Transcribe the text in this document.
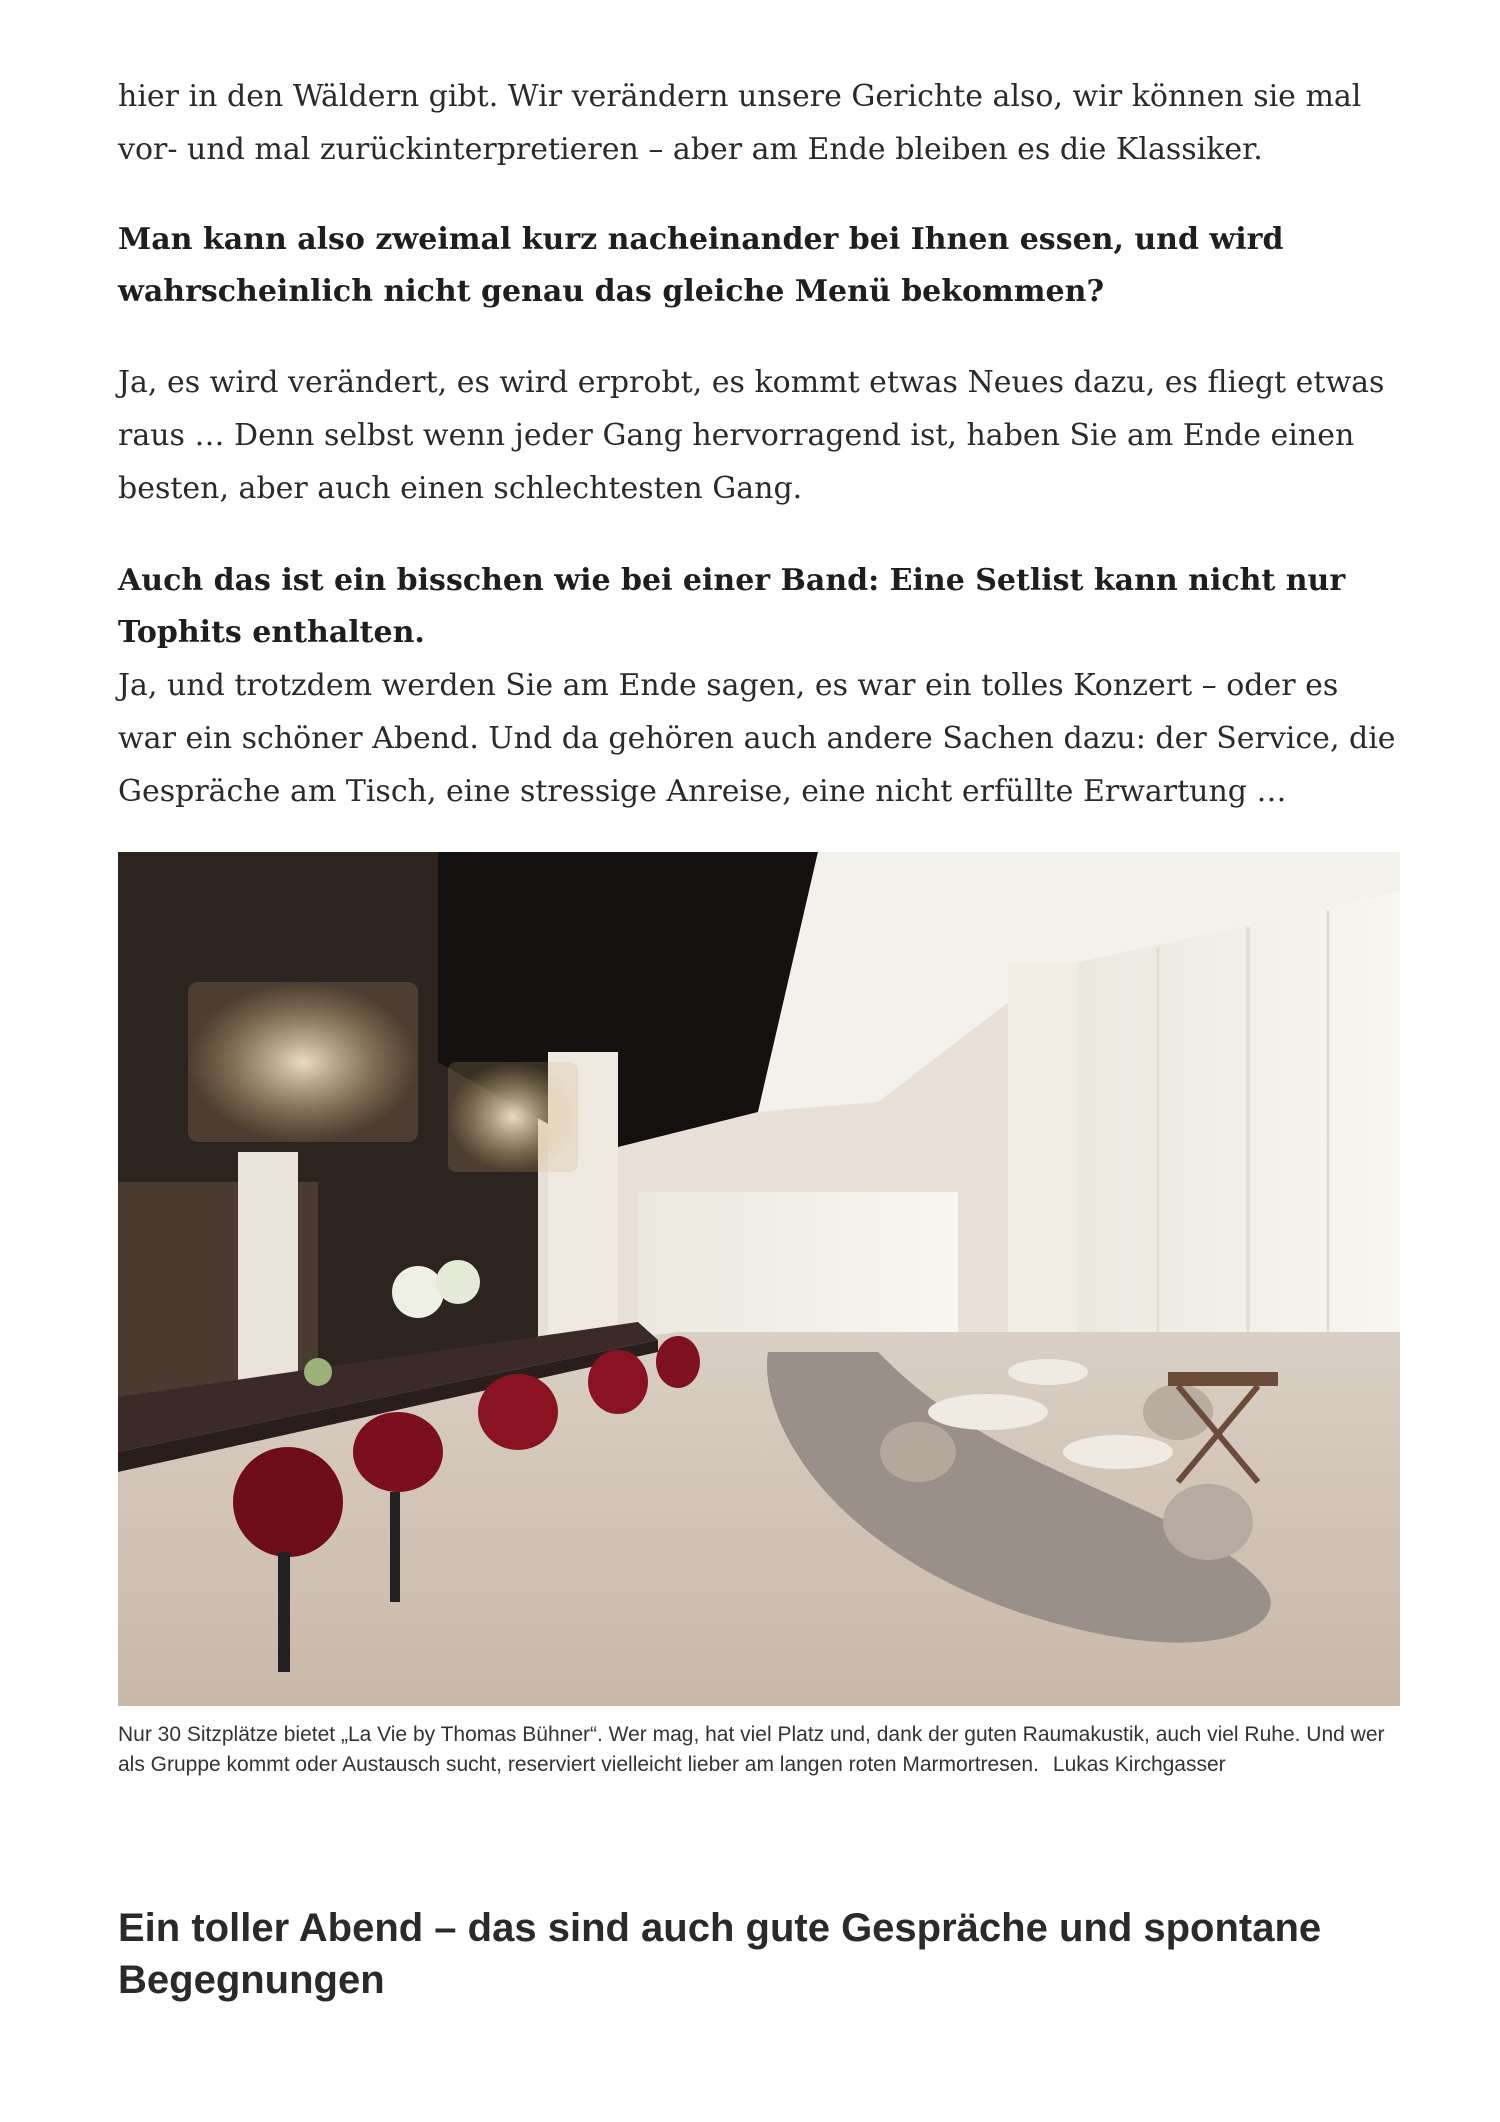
hier in den Wäldern gibt. Wir verändern unsere Gerichte also, wir können sie mal vor- und mal zurückinterpretieren – aber am Ende bleiben es die Klassiker.

Man kann also zweimal kurz nacheinander bei Ihnen essen, und wird wahrscheinlich nicht genau das gleiche Menü bekommen?

Ja, es wird verändert, es wird erprobt, es kommt etwas Neues dazu, es fliegt etwas raus … Denn selbst wenn jeder Gang hervorragend ist, haben Sie am Ende einen besten, aber auch einen schlechtesten Gang.

Auch das ist ein bisschen wie bei einer Band: Eine Setlist kann nicht nur Tophits enthalten.

Ja, und trotzdem werden Sie am Ende sagen, es war ein tolles Konzert – oder es war ein schöner Abend. Und da gehören auch andere Sachen dazu: der Service, die Gespräche am Tisch, eine stressige Anreise, eine nicht erfüllte Erwartung …

Nur 30 Sitzplätze bietet „La Vie by Thomas Bühner“. Wer mag, hat viel Platz und, dank der guten Raumakustik, auch viel Ruhe. Und wer als Gruppe kommt oder Austausch sucht, reserviert vielleicht lieber am langen roten Marmortresen. Lukas Kirchgasser
Ein toller Abend – das sind auch gute Gespräche und spontane Begegnungen
